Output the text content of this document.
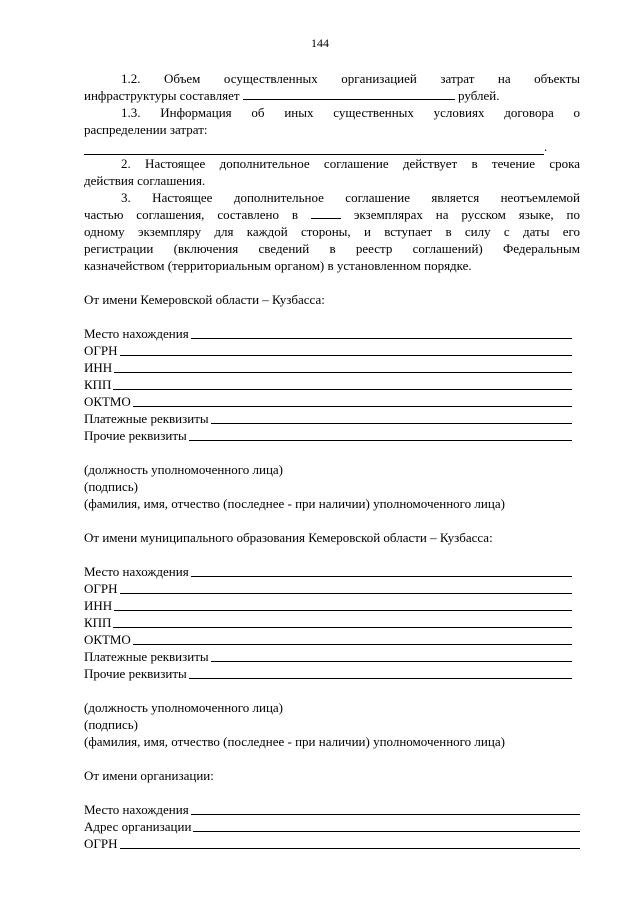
144

1.2. Объем осуществленных организацией затрат на объекты

инфраструктуры составляет	рублей.

1.3. Информация об иных существенных условиях договора о

распределении затрат:

.

2. Настоящее дополнительное соглашение действует в течение срока

действия соглашения.

3. Настоящее дополнительное соглашение является неотъемлемой

частью соглашения, составлено в	экземплярах на русском языке, по

одному экземпляру для каждой стороны, и вступает в силу с даты его

регистрации (включения сведений в реестр соглашений) Федеральным

казначейством (территориальным органом) в установленном порядке.

От имени Кемеровской области – Кузбасса:

Место нахождения
ОГРН
ИНН
КПП
ОКТМО
Платежные реквизиты
Прочие реквизиты

(должность уполномоченного лица)

(подпись)

(фамилия, имя, отчество (последнее - при наличии) уполномоченного лица)

От имени муниципального образования Кемеровской области – Кузбасса:

Место нахождения
ОГРН
ИНН
КПП
ОКТМО
Платежные реквизиты
Прочие реквизиты

(должность уполномоченного лица)

(подпись)

(фамилия, имя, отчество (последнее - при наличии) уполномоченного лица)

От имени организации:

Место нахождения
Адрес организации
ОГРН
